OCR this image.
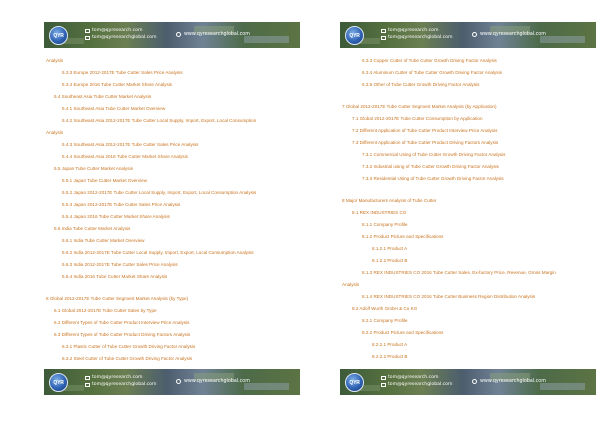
QYR
tom@qyresearch.com
tom@qyresearchglobal.com
www.qyresearchglobal.com
Analysis
5.3.3 Europe 2012-2017E Tube Cutter Sales Price Analysis
5.3.4 Europe 2016 Tube Cutter Market Share Analysis
5.4 Southeast Asia Tube Cutter Market Analysis
5.4.1 Southeast Asia Tube Cutter Market Overview
5.4.2 Southeast Asia 2012-2017E Tube Cutter Local Supply, Import, Export, Local Consumption
Analysis
5.4.3 Southeast Asia 2012-2017E Tube Cutter Sales Price Analysis
5.4.4 Southeast Asia 2016 Tube Cutter Market Share Analysis
5.5 Japan Tube Cutter Market Analysis
5.5.1 Japan Tube Cutter Market Overview
5.5.2 Japan 2012-2017E Tube Cutter Local Supply, Import, Export, Local Consumption Analysis
5.5.3 Japan 2012-2017E Tube Cutter Sales Price Analysis
5.5.4 Japan 2016 Tube Cutter Market Share Analysis
5.6 India Tube Cutter Market Analysis
5.6.1 India Tube Cutter Market Overview
5.6.2 India 2012-2017E Tube Cutter Local Supply, Import, Export, Local Consumption Analysis
5.6.3 India 2012-2017E Tube Cutter Sales Price Analysis
5.6.4 India 2016 Tube Cutter Market Share Analysis
6 Global 2012-2017E Tube Cutter Segment Market Analysis (by Type)
6.1 Global 2012-2017E Tube Cutter Sales by Type
6.2 Different Types of Tube Cutter Product Interview Price Analysis
6.3 Different Types of Tube Cutter Product Driving Factors Analysis
6.3.1 Plastic Cutter of Tube Cutter Growth Driving Factor Analysis
6.3.2 Steel Cutter of Tube Cutter Growth Driving Factor Analysis
QYR
tom@qyresearch.com
tom@qyresearchglobal.com
www.qyresearchglobal.com
QYR
tom@qyresearch.com
tom@qyresearchglobal.com
www.qyresearchglobal.com
6.3.3 Copper Cutter of Tube Cutter Growth Driving Factor Analysis
6.3.4 Aluminum Cutter of Tube Cutter Growth Driving Factor Analysis
6.3.5 Other of Tube Cutter Growth Driving Factor Analysis
7 Global 2012-2017E Tube Cutter Segment Market Analysis (by Application)
7.1 Global 2012-2017E Tube Cutter Consumption by Application
7.2 Different Application of Tube Cutter Product Interview Price Analysis
7.3 Different Application of Tube Cutter Product Driving Factors Analysis
7.3.1 Commercial Using of Tube Cutter Growth Driving Factor Analysis
7.3.2 Industrial using of Tube Cutter Growth Driving Factor Analysis
7.3.3 Residential Using of Tube Cutter Growth Driving Factor Analysis
8 Major Manufacturers Analysis of Tube Cutter
8.1 REX INDUSTRIES CO
8.1.1 Company Profile
8.1.2 Product Picture and Specifications
8.1.2.1 Product A
8.1.2.2 Product B
8.1.3 REX INDUSTRIES CO 2016 Tube Cutter Sales, Ex-factory Price, Revenue, Gross Margin
Analysis
8.1.4 REX INDUSTRIES CO 2016 Tube Cutter Business Region Distribution Analysis
8.2 Adolf Wurth GmbH & Co KG
8.2.1 Company Profile
8.2.2 Product Picture and Specifications
8.2.2.1 Product A
8.2.2.2 Product B
QYR
tom@qyresearch.com
tom@qyresearchglobal.com
www.qyresearchglobal.com
